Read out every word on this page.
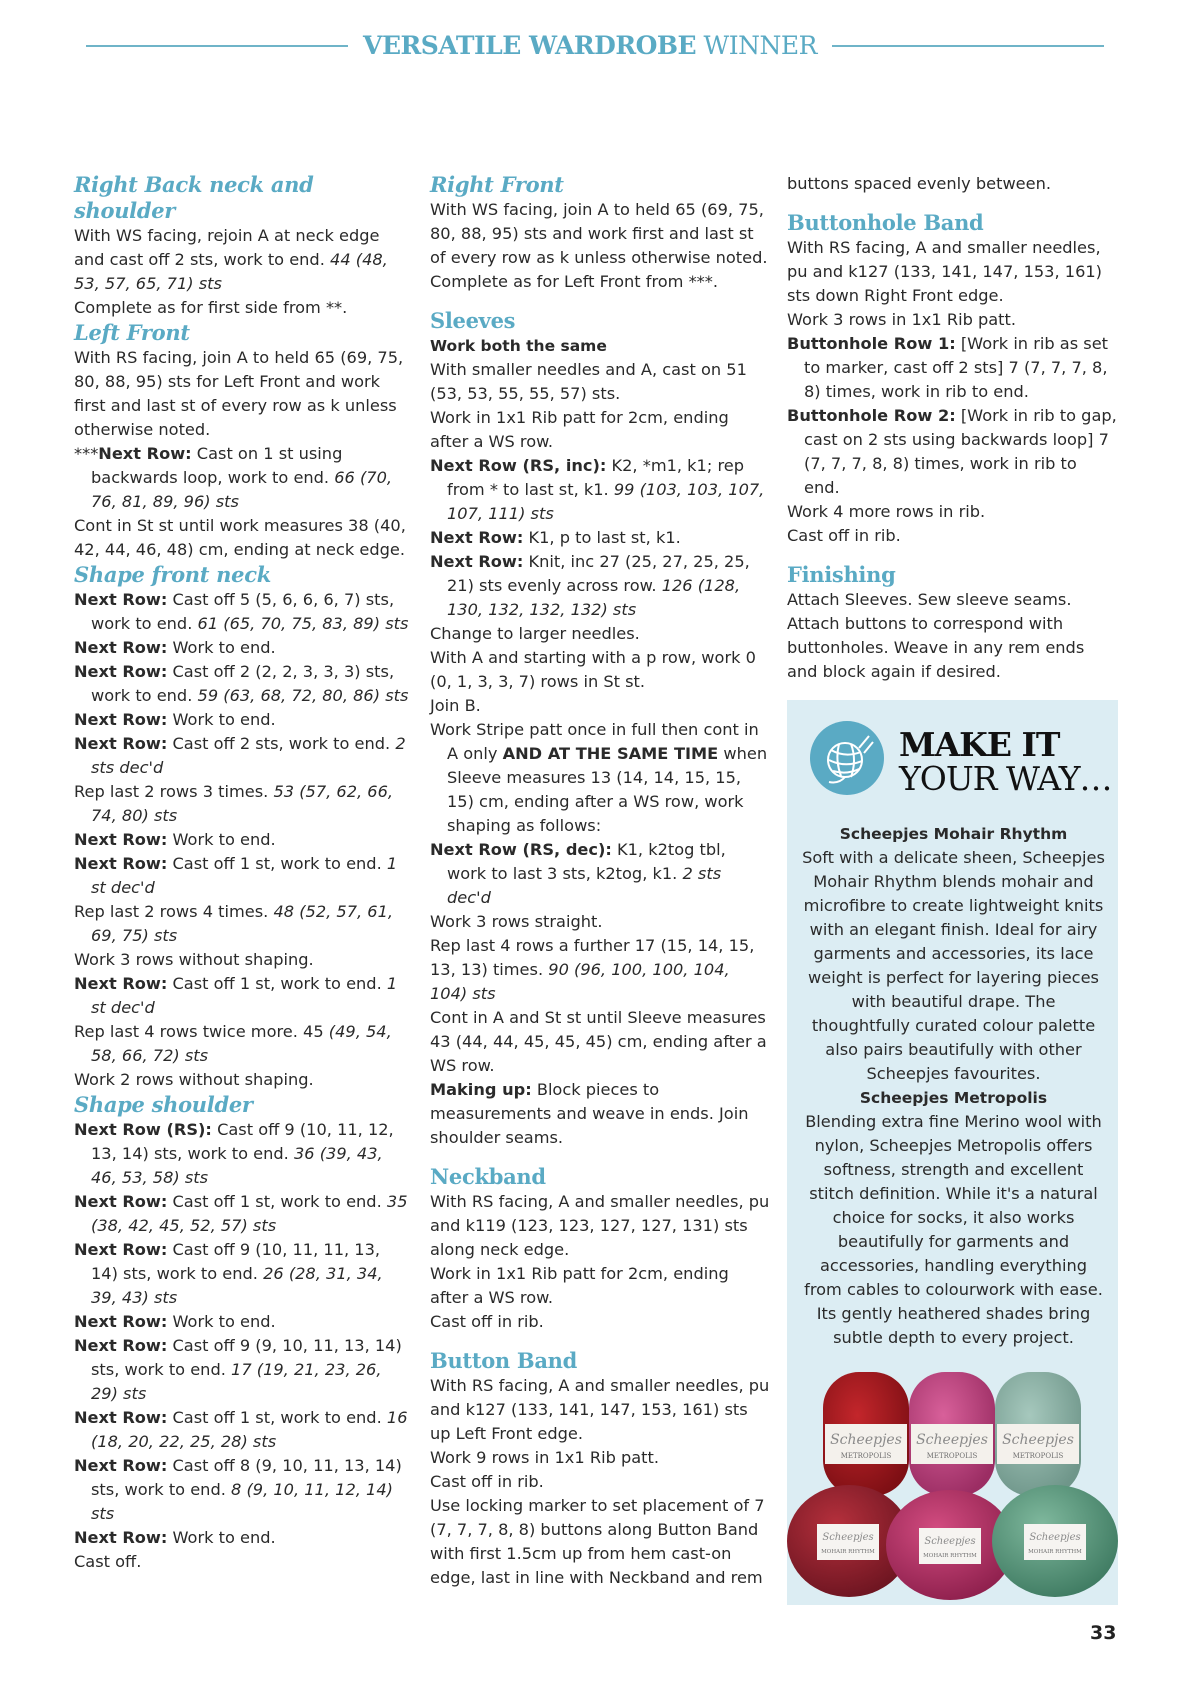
VERSATILE WARDROBE WINNER
Right Back neck and shoulder

With WS facing, rejoin A at neck edge and cast off 2 sts, work to end. 44 (48, 53, 57, 65, 71) sts

Complete as for first side from **.

Left Front

With RS facing, join A to held 65 (69, 75, 80, 88, 95) sts for Left Front and work first and last st of every row as k unless otherwise noted.

***Next Row: Cast on 1 st using backwards loop, work to end. 66 (70, 76, 81, 89, 96) sts

Cont in St st until work measures 38 (40, 42, 44, 46, 48) cm, ending at neck edge.

Shape front neck

Next Row: Cast off 5 (5, 6, 6, 6, 7) sts, work to end. 61 (65, 70, 75, 83, 89) sts

Next Row: Work to end.

Next Row: Cast off 2 (2, 2, 3, 3, 3) sts, work to end. 59 (63, 68, 72, 80, 86) sts

Next Row: Work to end.

Next Row: Cast off 2 sts, work to end. 2 sts dec'd

Rep last 2 rows 3 times. 53 (57, 62, 66, 74, 80) sts

Next Row: Work to end.

Next Row: Cast off 1 st, work to end. 1 st dec'd

Rep last 2 rows 4 times. 48 (52, 57, 61, 69, 75) sts

Work 3 rows without shaping.

Next Row: Cast off 1 st, work to end. 1 st dec'd

Rep last 4 rows twice more. 45 (49, 54, 58, 66, 72) sts

Work 2 rows without shaping.

Shape shoulder

Next Row (RS): Cast off 9 (10, 11, 12, 13, 14) sts, work to end. 36 (39, 43, 46, 53, 58) sts

Next Row: Cast off 1 st, work to end. 35 (38, 42, 45, 52, 57) sts

Next Row: Cast off 9 (10, 11, 11, 13, 14) sts, work to end. 26 (28, 31, 34, 39, 43) sts

Next Row: Work to end.

Next Row: Cast off 9 (9, 10, 11, 13, 14) sts, work to end. 17 (19, 21, 23, 26, 29) sts

Next Row: Cast off 1 st, work to end. 16 (18, 20, 22, 25, 28) sts

Next Row: Cast off 8 (9, 10, 11, 13, 14) sts, work to end. 8 (9, 10, 11, 12, 14) sts

Next Row: Work to end.

Cast off.

Right Front

With WS facing, join A to held 65 (69, 75, 80, 88, 95) sts and work first and last st of every row as k unless otherwise noted.

Complete as for Left Front from ***.

Sleeves

Work both the same

With smaller needles and A, cast on 51 (53, 53, 55, 55, 57) sts.

Work in 1x1 Rib patt for 2cm, ending after a WS row.

Next Row (RS, inc): K2, *m1, k1; rep from * to last st, k1. 99 (103, 103, 107, 107, 111) sts

Next Row: K1, p to last st, k1.

Next Row: Knit, inc 27 (25, 27, 25, 25, 21) sts evenly across row. 126 (128, 130, 132, 132, 132) sts

Change to larger needles.

With A and starting with a p row, work 0 (0, 1, 3, 3, 7) rows in St st.

Join B.

Work Stripe patt once in full then cont in A only AND AT THE SAME TIME when Sleeve measures 13 (14, 14, 15, 15, 15) cm, ending after a WS row, work shaping as follows:

Next Row (RS, dec): K1, k2tog tbl, work to last 3 sts, k2tog, k1. 2 sts dec'd

Work 3 rows straight.

Rep last 4 rows a further 17 (15, 14, 15, 13, 13) times. 90 (96, 100, 100, 104, 104) sts

Cont in A and St st until Sleeve measures 43 (44, 44, 45, 45, 45) cm, ending after a WS row.

Making up: Block pieces to measurements and weave in ends. Join shoulder seams.

Neckband

With RS facing, A and smaller needles, pu and k119 (123, 123, 127, 127, 131) sts along neck edge.

Work in 1x1 Rib patt for 2cm, ending after a WS row.

Cast off in rib.

Button Band

With RS facing, A and smaller needles, pu and k127 (133, 141, 147, 153, 161) sts up Left Front edge.

Work 9 rows in 1x1 Rib patt.

Cast off in rib.

Use locking marker to set placement of 7 (7, 7, 7, 8, 8) buttons along Button Band with first 1.5cm up from hem cast-on edge, last in line with Neckband and rem

buttons spaced evenly between.

Buttonhole Band

With RS facing, A and smaller needles, pu and k127 (133, 141, 147, 153, 161) sts down Right Front edge.

Work 3 rows in 1x1 Rib patt.

Buttonhole Row 1: [Work in rib as set to marker, cast off 2 sts] 7 (7, 7, 7, 8, 8) times, work in rib to end.

Buttonhole Row 2: [Work in rib to gap, cast on 2 sts using backwards loop] 7 (7, 7, 7, 8, 8) times, work in rib to end.

Work 4 more rows in rib.

Cast off in rib.

Finishing

Attach Sleeves. Sew sleeve seams. Attach buttons to correspond with buttonholes. Weave in any rem ends and block again if desired.

MAKE IT
YOUR WAY…
Scheepjes Mohair Rhythm
Soft with a delicate sheen, Scheepjes Mohair Rhythm blends mohair and microfibre to create lightweight knits with an elegant finish. Ideal for airy garments and accessories, its lace weight is perfect for layering pieces with beautiful drape. The thoughtfully curated colour palette also pairs beautifully with other Scheepjes favourites.
Scheepjes Metropolis
Blending extra fine Merino wool with nylon, Scheepjes Metropolis offers softness, strength and excellent stitch definition. While it's a natural choice for socks, it also works beautifully for garments and accessories, handling everything from cables to colourwork with ease. Its gently heathered shades bring subtle depth to every project.
Scheepjes Scheepjes Scheepjes
METROPOLIS	METROPOLIS	METROPOLIS
Scheepjes	Scheepjes	Scheepjes
MOHAIR RHYTHM
MOHAIR RHYTHM
MOHAIR RHYTHM
33
